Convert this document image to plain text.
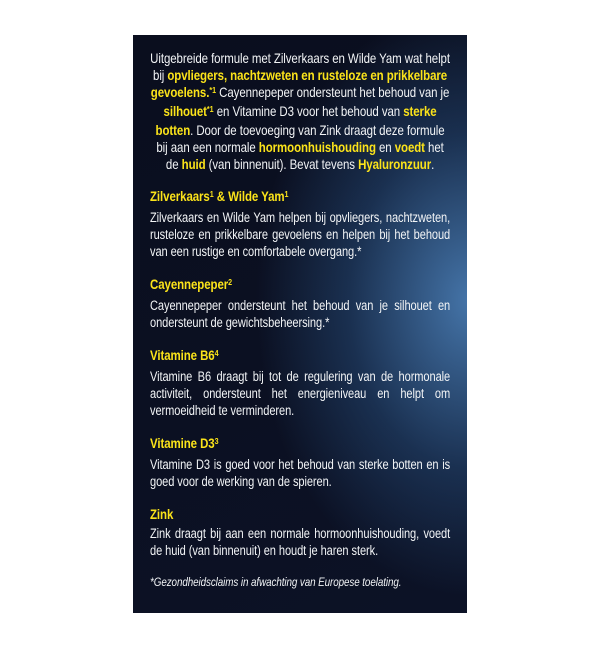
Uitgebreide formule met Zilverkaars en Wilde Yam wat helpt bij opvliegers, nachtzweten en rusteloze en prikkelbare gevoelens.$^{*1}$ Cayennepeper ondersteunt het behoud van je silhouet$^{*1}$ en Vitamine D3 voor het behoud van sterke botten. Door de toevoeging van Zink draagt deze formule bij aan een normale hormoonhuishouding en voedt het de huid (van binnenuit). Bevat tevens Hyaluronzuur.

Zilverkaars$^1$ & Wilde Yam$^1$

Zilverkaars en Wilde Yam helpen bij opvliegers, nachtzweten, rusteloze en prikkelbare gevoelens en helpen bij het behoud van een rustige en comfortabele overgang.*

Cayennepeper$^2$

Cayennepeper ondersteunt het behoud van je silhouet en ondersteunt de gewichtsbeheersing.*

Vitamine $B6^4$

Vitamine B6 draagt bij tot de regulering van de hormonale activiteit, ondersteunt het energieniveau en helpt om vermoeidheid te verminderen.

Vitamine $D3^3$

Vitamine D3 is goed voor het behoud van sterke botten en is goed voor de werking van de spieren.

Zink

Zink draagt bij aan een normale hormoonhuishouding, voedt de huid (van binnenuit) en houdt je haren sterk.

*Gezondheidsclaims in afwachting van Europese toelating.
